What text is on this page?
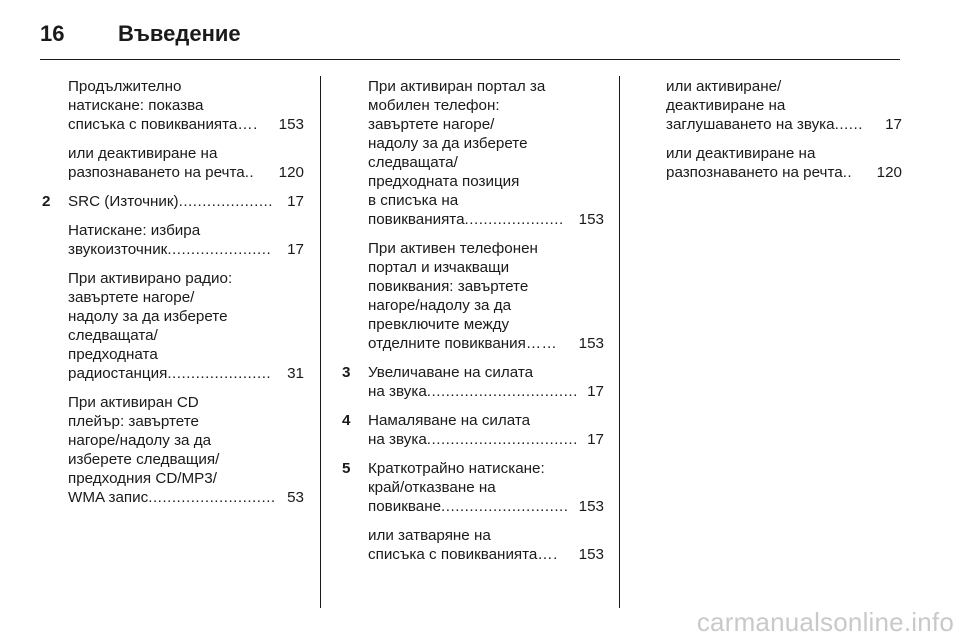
16 Въведение
Продължително
натискане: показва
списъка с повикванията ….	153
или деактивиране на
разпознаването на речта ..	120
2 SRC (Източник) .................... 17
Натискане: избира
звукоизточник ......................	17
При активирано радио:
завъртете нагоре/
надолу за да изберете
следващата/
предходната
радиостанция ......................	31
При активиран CD
плейър: завъртете
нагоре/надолу за да
изберете следващия/
предходния CD/MP3/
WMA запис ........................... 53
При активиран портал за
мобилен телефон:
завъртете нагоре/
надолу за да изберете
следващата/
предходната позиция
в списъка на
повикванията ..................... 153
При активен телефонен
портал и изчакващи
повиквания: завъртете
нагоре/надолу за да
превключите между
отделните повиквания ……	153
3 Увеличаване на силата
на звука ................................ 17
4 Намаляване на силата
на звука ................................ 17
5 Краткотрайно натискане:
край/отказване на
повикване ........................... 153
или затваряне на
списъка с повикванията ….	153
или активиране/
деактивиране на
заглушаването на звука ......	17
или деактивиране на
разпознаването на речта ..	120
carmanualsonline.info
